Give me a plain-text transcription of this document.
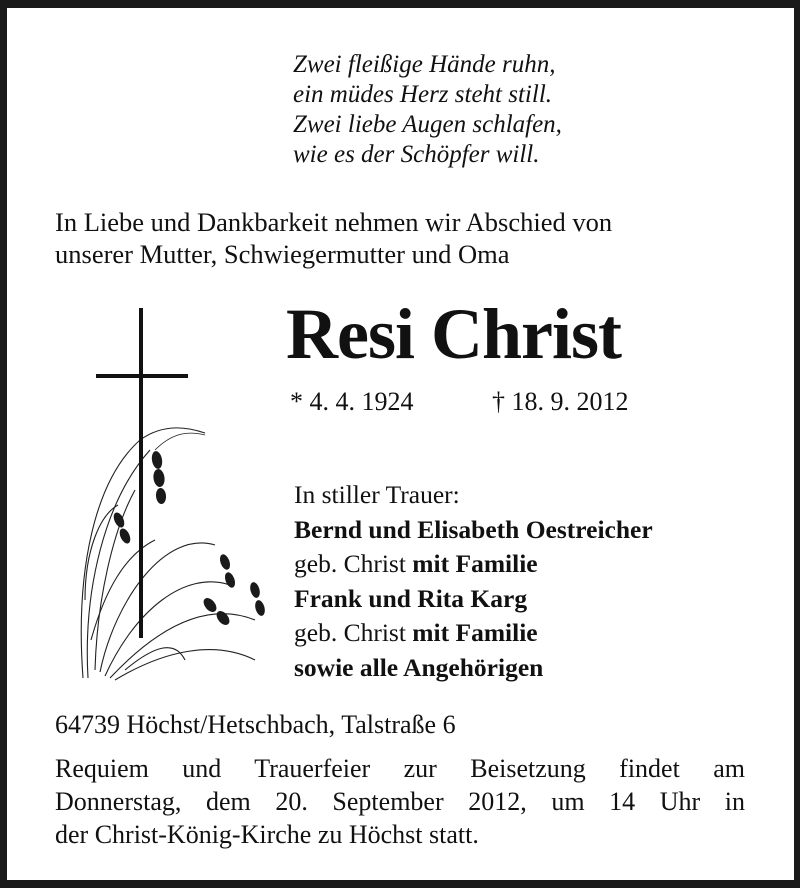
Zwei fleißige Hände ruhn,
ein müdes Herz steht still.
Zwei liebe Augen schlafen,
wie es der Schöpfer will.
In Liebe und Dankbarkeit nehmen wir Abschied von
unserer Mutter, Schwiegermutter und Oma
Resi Christ
* 4. 4. 1924	† 18. 9. 2012
In stiller Trauer:
Bernd und Elisabeth Oestreicher
geb. Christ mit Familie
Frank und Rita Karg
geb. Christ mit Familie
sowie alle Angehörigen
64739 Höchst/Hetschbach, Talstraße 6
Requiem und Trauerfeier zur Beisetzung findet am
Donnerstag, dem 20. September 2012, um 14 Uhr in
der Christ-König-Kirche zu Höchst statt.
